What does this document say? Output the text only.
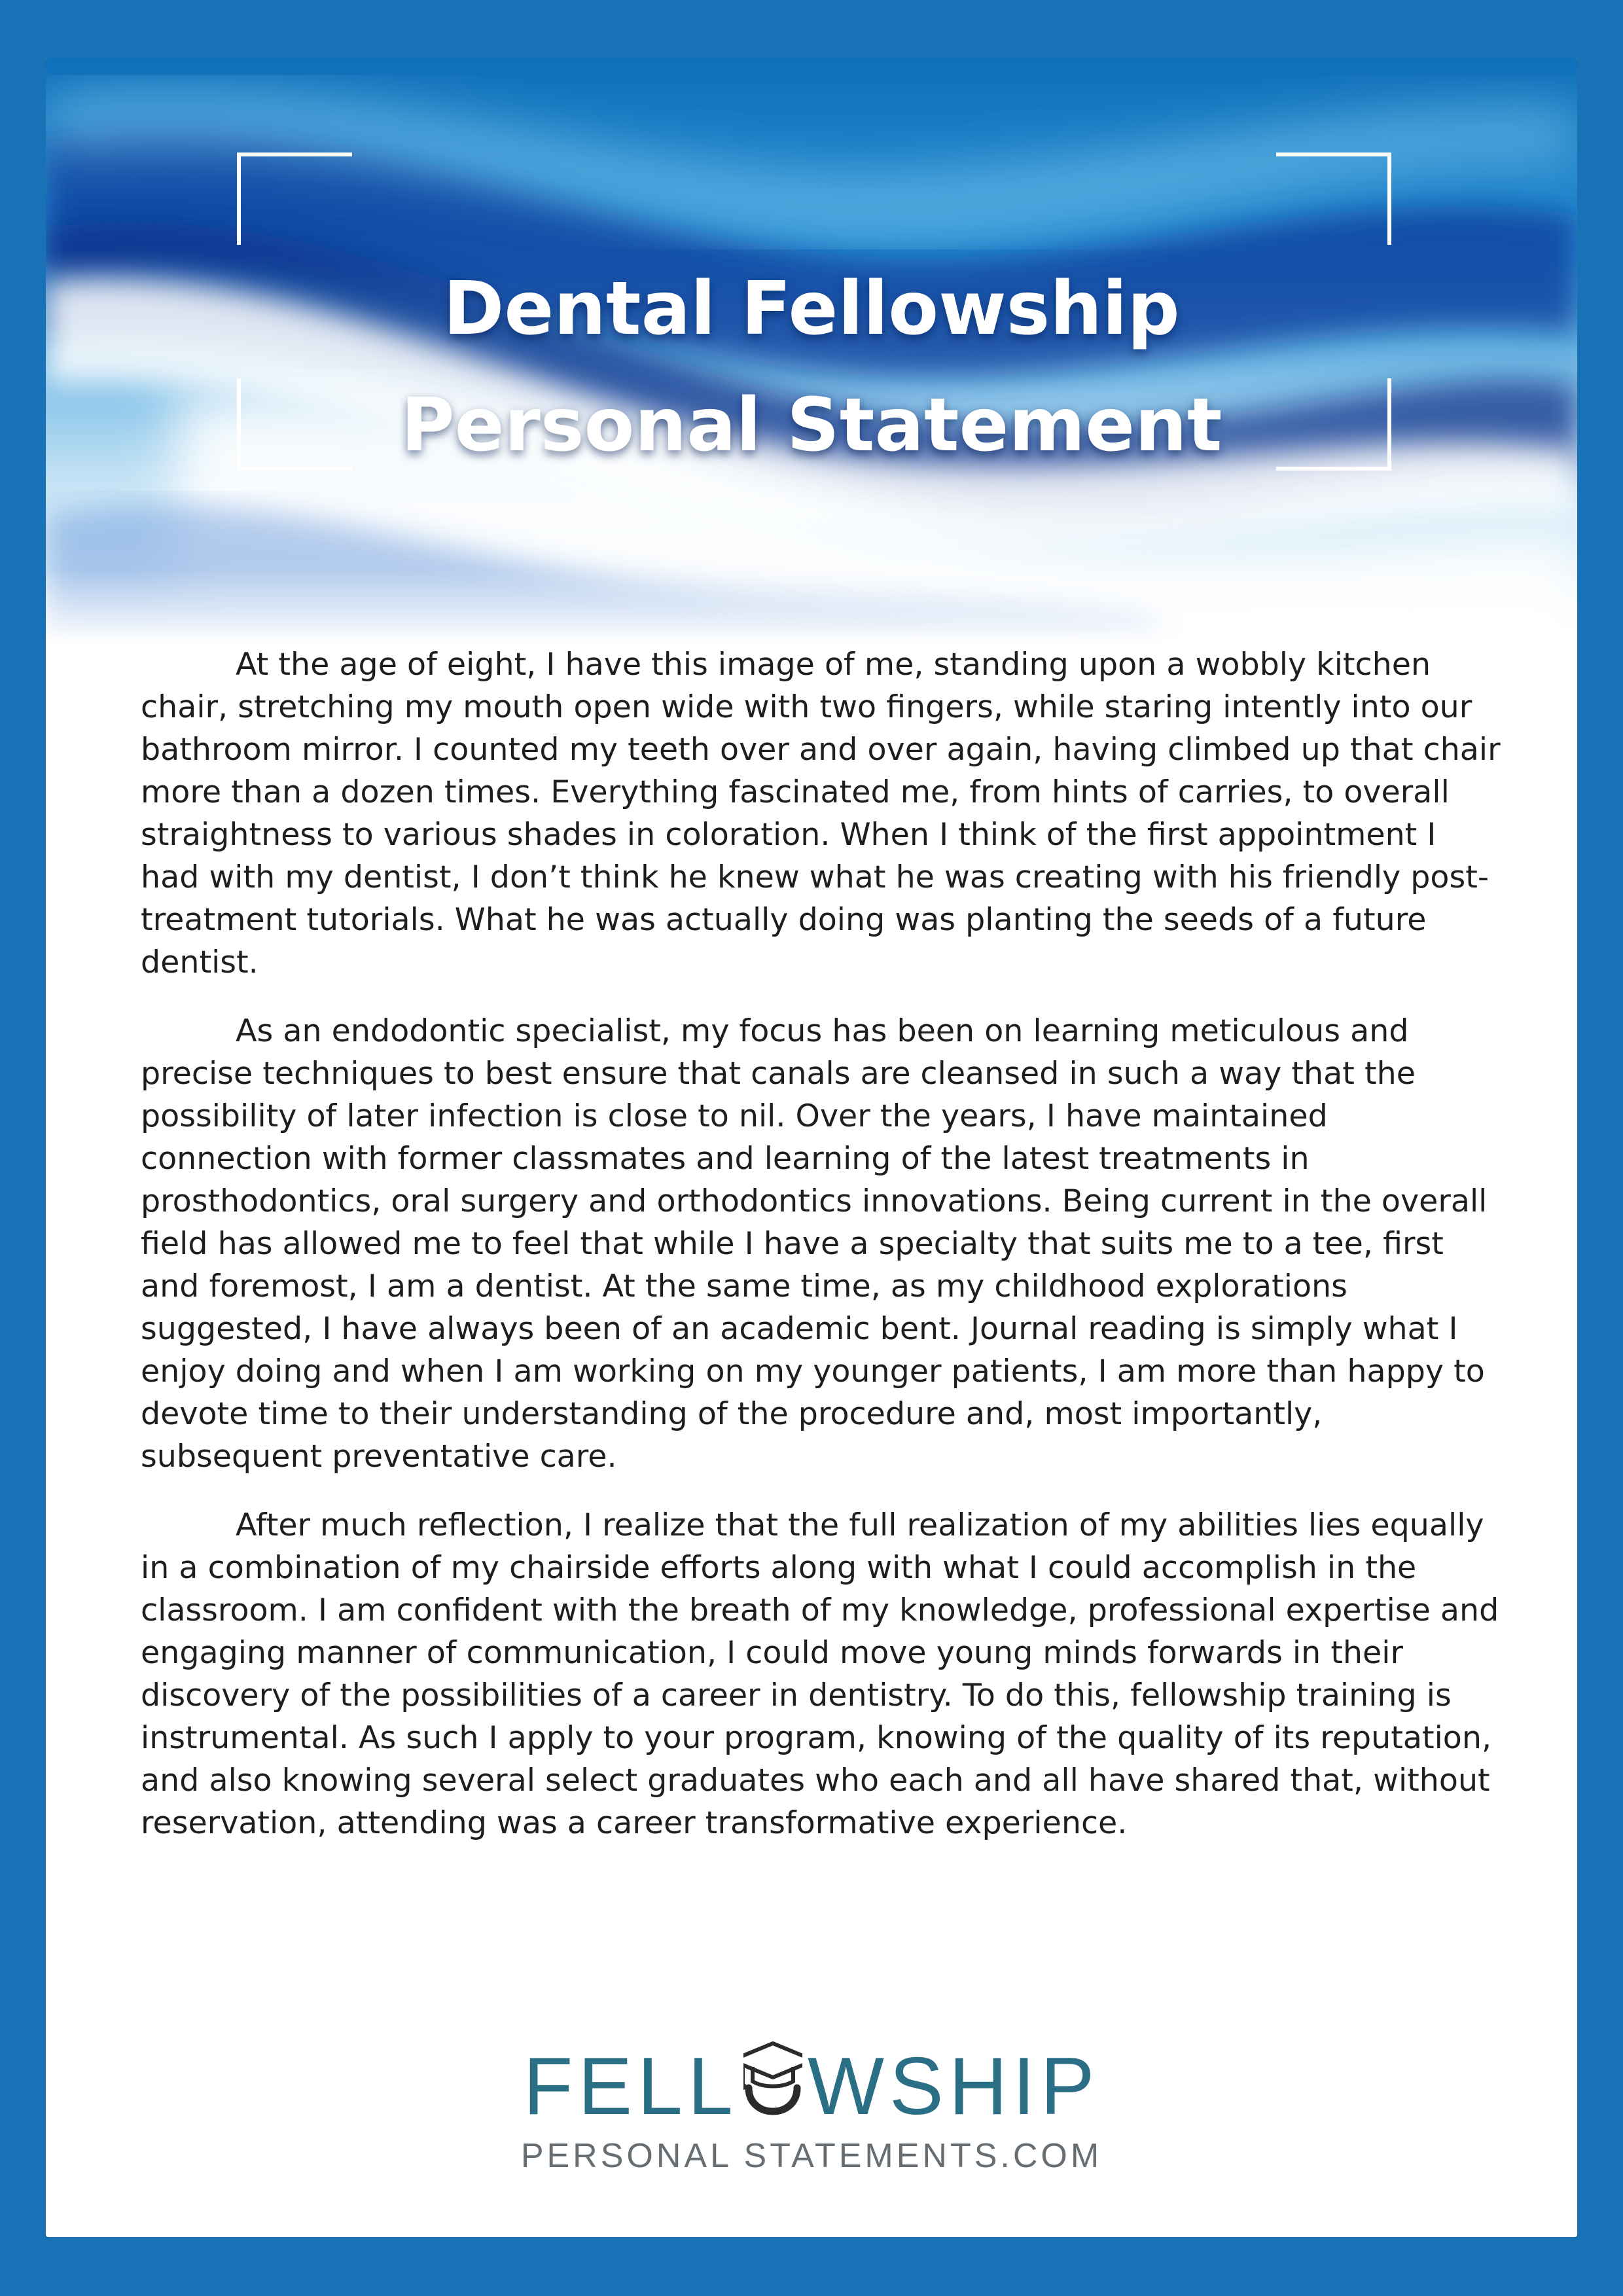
Dental Fellowship
Personal Statement

At the age of eight, I have this image of me, standing upon a wobbly kitchen chair, stretching my mouth open wide with two fingers, while staring intently into our bathroom mirror. I counted my teeth over and over again, having climbed up that chair more than a dozen times. Everything fascinated me, from hints of carries, to overall straightness to various shades in coloration. When I think of the first appointment I had with my dentist, I don’t think he knew what he was creating with his friendly post-treatment tutorials. What he was actually doing was planting the seeds of a future dentist.

As an endodontic specialist, my focus has been on learning meticulous and precise techniques to best ensure that canals are cleansed in such a way that the possibility of later infection is close to nil. Over the years, I have maintained connection with former classmates and learning of the latest treatments in prosthodontics, oral surgery and orthodontics innovations. Being current in the overall field has allowed me to feel that while I have a specialty that suits me to a tee, first and foremost, I am a dentist. At the same time, as my childhood explorations suggested, I have always been of an academic bent. Journal reading is simply what I enjoy doing and when I am working on my younger patients, I am more than happy to devote time to their understanding of the procedure and, most importantly, subsequent preventative care.

After much reflection, I realize that the full realization of my abilities lies equally in a combination of my chairside efforts along with what I could accomplish in the classroom. I am confident with the breath of my knowledge, professional expertise and engaging manner of communication, I could move young minds forwards in their discovery of the possibilities of a career in dentistry. To do this, fellowship training is instrumental. As such I apply to your program, knowing of the quality of its reputation, and also knowing several select graduates who each and all have shared that, without reservation, attending was a career transformative experience.

FELL WSHIP
PERSONAL STATEMENTS.COM
